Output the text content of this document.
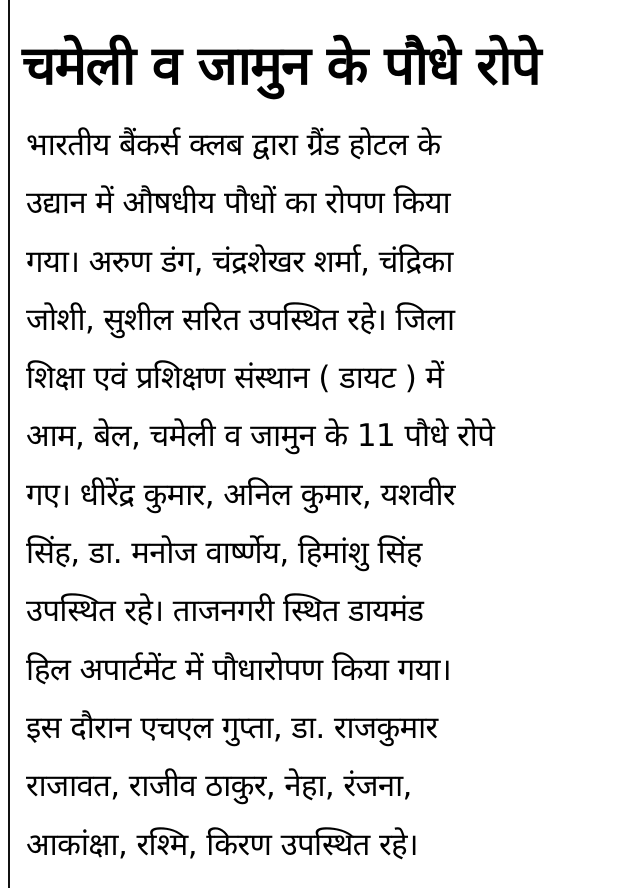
चमेली व जामुन के पौधे रोपे
भारतीय बैंकर्स क्लब द्वारा ग्रैंड होटल के
उद्यान में औषधीय पौधों का रोपण किया
गया। अरुण डंग, चंद्रशेखर शर्मा, चंद्रिका
जोशी, सुशील सरित उपस्थित रहे। जिला
शिक्षा एवं प्रशिक्षण संस्थान ( डायट ) में
आम, बेल, चमेली व जामुन के 11 पौधे रोपे
गए। धीरेंद्र कुमार, अनिल कुमार, यशवीर
सिंह, डा. मनोज वार्ष्णेय, हिमांशु सिंह
उपस्थित रहे। ताजनगरी स्थित डायमंड
हिल अपार्टमेंट में पौधारोपण किया गया।
इस दौरान एचएल गुप्ता, डा. राजकुमार
राजावत, राजीव ठाकुर, नेहा, रंजना,
आकांक्षा, रश्मि, किरण उपस्थित रहे।
